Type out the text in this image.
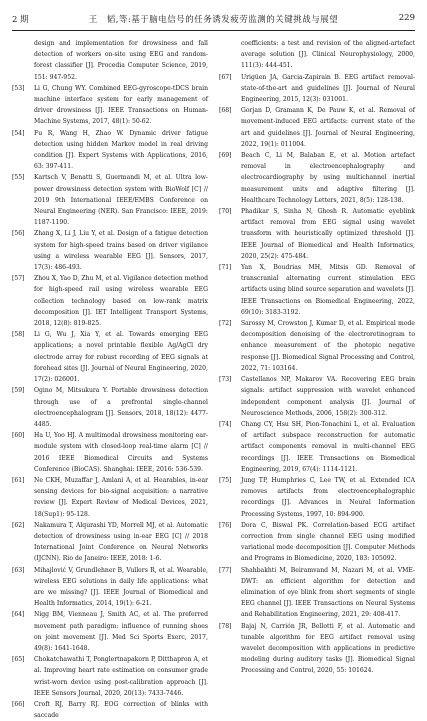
2 期	王　韬,等:基于脑电信号的任务诱发疲劳监测的关键挑战与展望	229
design and implementation for drowsiness and fall detection of workers on-site using EEG and random-forest classifier [J]. Procedia Computer Science, 2019, 151: 947-952.
[53]	Li G, Chung WY. Combined EEG-gyroscope-tDCS brain machine interface system for early management of driver drowsiness [J]. IEEE Transactions on Human-Machine Systems, 2017, 48(1): 50-62.
[54]	Fu R, Wang H, Zhao W. Dynamic driver fatigue detection using hidden Markov model in real driving condition [J]. Expert Systems with Applications, 2016, 63: 397-411.
[55]	Kartsch V, Benatti S, Guermandi M, et al. Ultra low-power drowsiness detection system with BioWolf [C] // 2019 9th International IEEE/EMBS Conference on Neural Engineering (NER). San Francisco: IEEE, 2019: 1187-1190.
[56]	Zhang X, Li J, Liu Y, et al. Design of a fatigue detection system for high-speed trains based on driver vigilance using a wireless wearable EEG [J]. Sensors, 2017, 17(3): 486-493.
[57]	Zhou X, Yao D, Zhu M, et al. Vigilance detection method for high-speed rail using wireless wearable EEG collection technology based on low-rank matrix decomposition [J]. IET Intelligent Transport Systems, 2018, 12(8): 819-825.
[58]	Li G, Wu J, Xia Y, et al. Towards emerging EEG applications; a novel printable flexible Ag/AgCl dry electrode array for robust recording of EEG signals at forehead sites [J]. Journal of Neural Engineering, 2020, 17(2): 026001.
[59]	Ogino M, Mitsukura Y. Portable drowsiness detection through use of a prefrontal single-channel electroencephalogram [J]. Sensors, 2018, 18(12): 4477-4485.
[60]	Ha U, Yoo HJ. A multimodal drowsiness monitoring ear-module system with closed-loop real-time alarm [C] // 2016 IEEE Biomedical Circuits and Systems Conference (BioCAS). Shanghai: IEEE, 2016: 536-539.
[61]	Ne CKH, Muzaffar J, Amlani A, et al. Hearables, in-ear sensing devices for bio-signal acquisition: a narrative review [J]. Expert Review of Medical Devices, 2021, 18(Sup1): 95-128.
[62]	Nakamura T, Alqurashi YD, Morrell MJ, et al. Automatic detection of drowsiness using in-ear EEG [C] // 2018 International Joint Conference on Neural Networks (IJCNN). Rio de Janeiro: IEEE, 2018: 1-6.
[63]	Mihajlović V, Grundlehner B, Vullers R, et al. Wearable, wireless EEG solutions in daily life applications: what are we missing? [J]. IEEE Journal of Biomedical and Health Informatics, 2014, 19(1): 6-21.
[64]	Nigg BM, Vienneau J, Smith AC, et al. The preferred movement path paradigm: influence of running shoes on joint movement [J]. Med Sci Sports Exerc, 2017, 49(8): 1641-1648.
[65]	Chokatchawathi T, Ponglertnapakorn P, Ditthapron A, et al. Improving heart rate estimation on consumer grade wrist-worn device using post-calibration approach [J]. IEEE Sensors Journal, 2020, 20(13): 7433-7446.
[66]	Croft RJ, Barry RJ. EOG correction of blinks with saccade
coefficients: a test and revision of the aligned-artefact average solution [J]. Clinical Neurophysiology, 2000, 111(3): 444-451.
[67]	Urigüen JA, Garcia-Zapirain B. EEG artifact removal-state-of-the-art and guidelines [J]. Journal of Neural Engineering, 2015, 12(3): 031001.
[68]	Gorjan D, Gramann K, De Pauw K, et al. Removal of movement-induced EEG artifacts: current state of the art and guidelines [J]. Journal of Neural Engineering, 2022, 19(1): 011004.
[69]	Beach C, Li M, Balaban E, et al. Motion artefact removal in electroencephalography and electrocardiography by using multichannel inertial measurement units and adaptive filtering [J]. Healthcare Technology Letters, 2021, 8(5): 128-138.
[70]	Phadikar S, Sinha N, Ghosh R. Automatic eyeblink artifact removal from EEG signal using wavelet transform with heuristically optimized threshold [J]. IEEE Journal of Biomedical and Health Informatics, 2020, 25(2): 475-484.
[71]	Yan X, Boudrias MH, Mitsis GD. Removal of transcranial alternating current stimulation EEG artifacts using blind source separation and wavelets [J]. IEEE Transactions on Biomedical Engineering, 2022, 69(10): 3183-3192.
[72]	Sarossy M, Crowston J, Kumar D, et al. Empirical mode decomposition denoising of the electroretinogram to enhance measurement of the photopic negative response [J]. Biomedical Signal Processing and Control, 2022, 71: 103164.
[73]	Castellanos NP, Makarov VA. Recovering EEG brain signals: artifact suppression with wavelet enhanced independent component analysis [J]. Journal of Neuroscience Methods, 2006, 158(2): 300-312.
[74]	Chang CY, Hsu SH, Pion-Tonachini L, et al. Evaluation of artifact subspace reconstruction for automatic artifact components removal in multi-channel EEG recordings [J]. IEEE Transactions on Biomedical Engineering, 2019, 67(4): 1114-1121.
[75]	Jung TP, Humphries C, Lee TW, et al. Extended ICA removes artifacts from electroencephalographic recordings [J]. Advances in Neural Information Processing Systems, 1997, 10: 894-900.
[76]	Dora C, Biswal PK. Correlation-based ECG artifact correction from single channel EEG using modified variational mode decomposition [J]. Computer Methods and Programs in Biomedicine, 2020, 183: 105092.
[77]	Shahbakhti M, Beiramvand M, Nazari M, et al. VME-DWT: an efficient algorithm for detection and elimination of eye blink from short segments of single EEG channel [J]. IEEE Transactions on Neural Systems and Rehabilitation Engineering, 2021, 29: 408-417.
[78]	Bajaj N, Carrión JR, Bellotti F, et al. Automatic and tunable algorithm for EEG artifact removal using wavelet decomposition with applications in predictive modeling during auditory tasks [J]. Biomedical Signal Processing and Control, 2020, 55: 101624.
